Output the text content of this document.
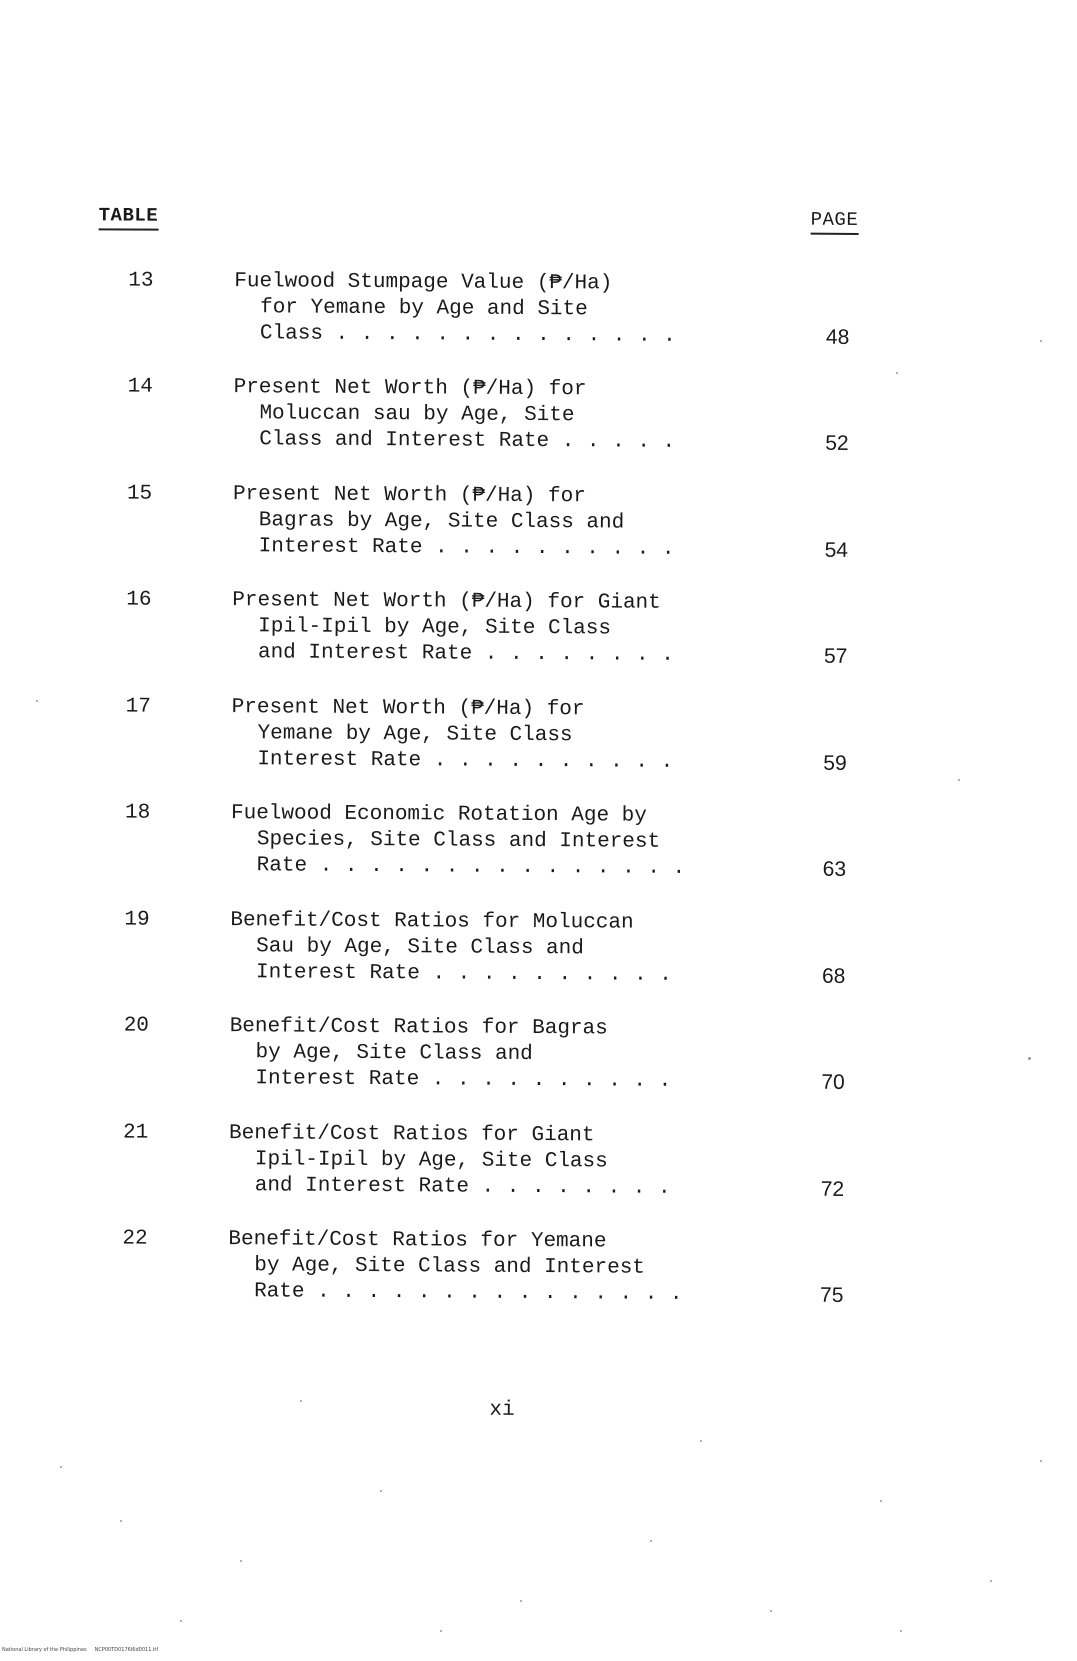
TABLE	PAGE
13	Fuelwood Stumpage Value (₱/Ha)
for Yemane by Age and Site
Class . . . . . . . . . . . . . .	48
14	Present Net Worth (₱/Ha) for
Moluccan sau by Age, Site
Class and Interest Rate . . . . .	52
15	Present Net Worth (₱/Ha) for
Bagras by Age, Site Class and
Interest Rate . . . . . . . . . .	54
16	Present Net Worth (₱/Ha) for Giant
Ipil-Ipil by Age, Site Class
and Interest Rate . . . . . . . .	57
17	Present Net Worth (₱/Ha) for
Yemane by Age, Site Class
Interest Rate . . . . . . . . . .	59
18	Fuelwood Economic Rotation Age by
Species, Site Class and Interest
Rate . . . . . . . . . . . . . . .	63
19	Benefit/Cost Ratios for Moluccan
Sau by Age, Site Class and
Interest Rate . . . . . . . . . .	68
20	Benefit/Cost Ratios for Bagras
by Age, Site Class and
Interest Rate . . . . . . . . . .	70
21	Benefit/Cost Ratios for Giant
Ipil-Ipil by Age, Site Class
and Interest Rate . . . . . . . .	72
22	Benefit/Cost Ratios for Yemane
by Age, Site Class and Interest
Rate . . . . . . . . . . . . . . .	75
xi
National Library of the Philippines     NCP00TD0176I6d0011.tif
